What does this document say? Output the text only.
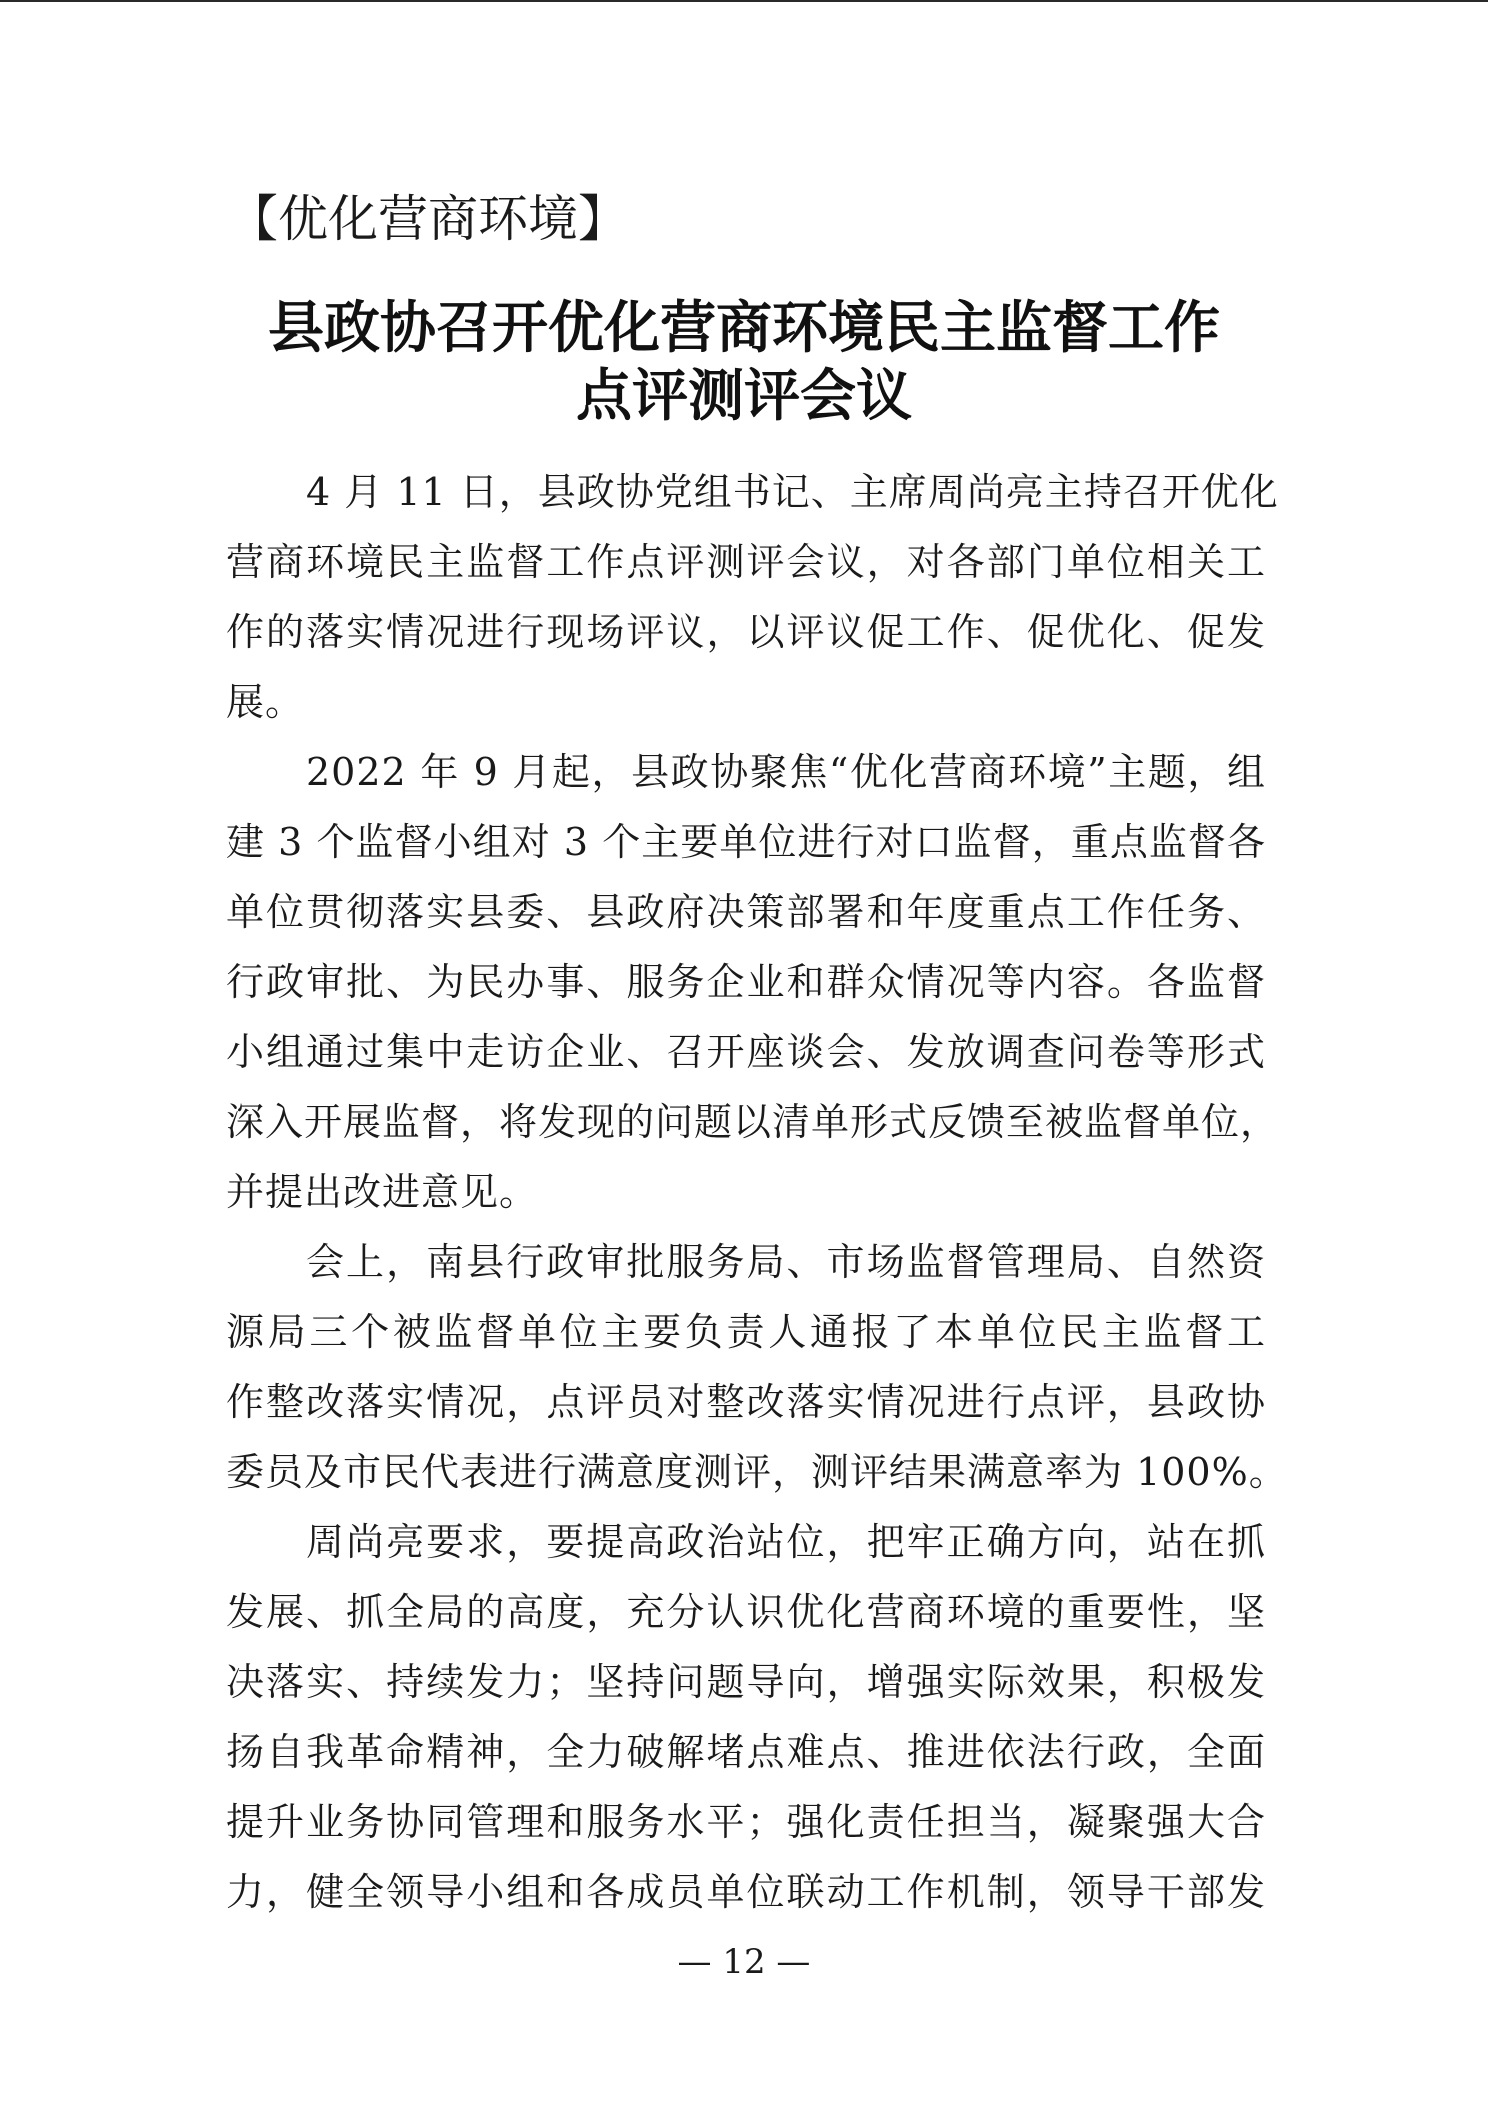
【优化营商环境】
县政协召开优化营商环境民主监督工作
点评测评会议
4 月 11 日，县政协党组书记、主席周尚亮主持召开优化
营商环境民主监督工作点评测评会议，对各部门单位相关工
作的落实情况进行现场评议，以评议促工作、促优化、促发
展。
2022 年 9 月起，县政协聚焦“优化营商环境”主题，组
建 3 个监督小组对 3 个主要单位进行对口监督，重点监督各
单位贯彻落实县委、县政府决策部署和年度重点工作任务、
行政审批、为民办事、服务企业和群众情况等内容。各监督
小组通过集中走访企业、召开座谈会、发放调查问卷等形式
深入开展监督，将发现的问题以清单形式反馈至被监督单位，
并提出改进意见。
会上，南县行政审批服务局、市场监督管理局、自然资
源局三个被监督单位主要负责人通报了本单位民主监督工
作整改落实情况，点评员对整改落实情况进行点评，县政协
委员及市民代表进行满意度测评，测评结果满意率为 100%。
周尚亮要求，要提高政治站位，把牢正确方向，站在抓
发展、抓全局的高度，充分认识优化营商环境的重要性，坚
决落实、持续发力；坚持问题导向，增强实际效果，积极发
扬自我革命精神，全力破解堵点难点、推进依法行政，全面
提升业务协同管理和服务水平；强化责任担当，凝聚强大合
力，健全领导小组和各成员单位联动工作机制，领导干部发
— 12 —
